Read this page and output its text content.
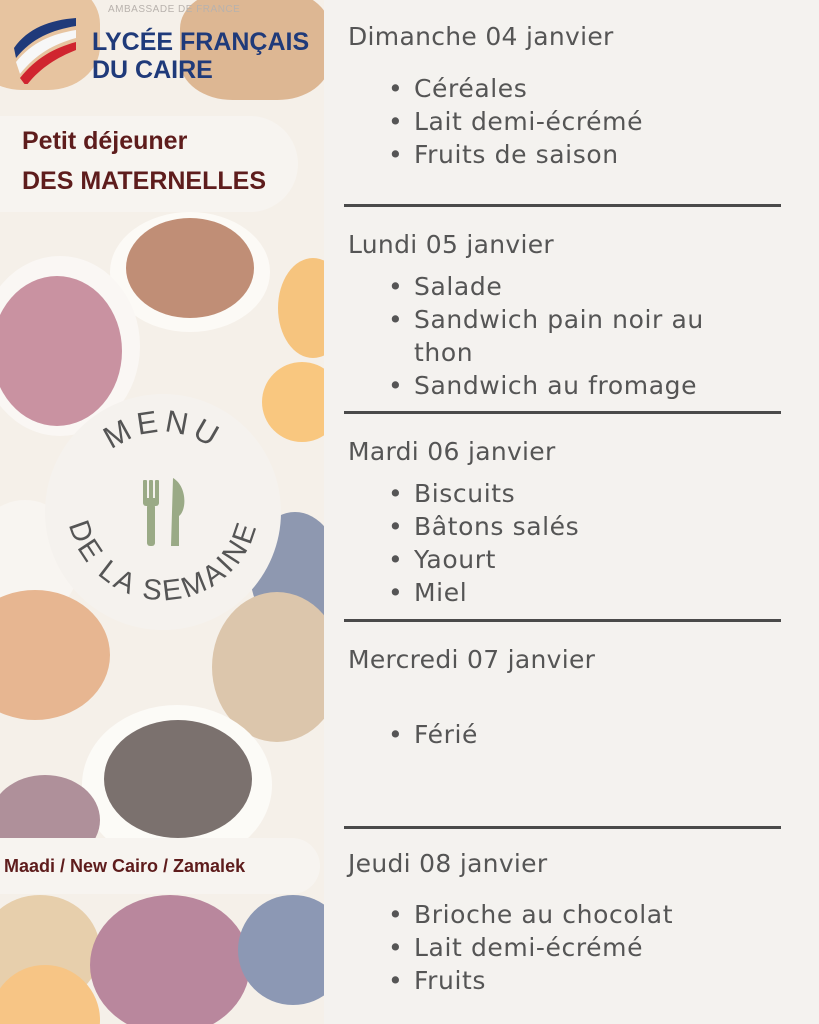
AMBASSADE DE FRANCE
LYCÉE FRANÇAIS
DU CAIRE
Petit déjeuner
DES MATERNELLES
MENU
DE LA SEMAINE
Maadi / New Cairo / Zamalek
Dimanche 04 janvier
• Céréales
• Lait demi-écrémé
• Fruits de saison
Lundi 05 janvier
• Salade
• Sandwich pain noir au
thon
• Sandwich au fromage
Mardi 06 janvier
• Biscuits
• Bâtons salés
• Yaourt
• Miel
Mercredi 07 janvier
• Férié
Jeudi 08 janvier
• Brioche au chocolat
• Lait demi-écrémé
• Fruits
